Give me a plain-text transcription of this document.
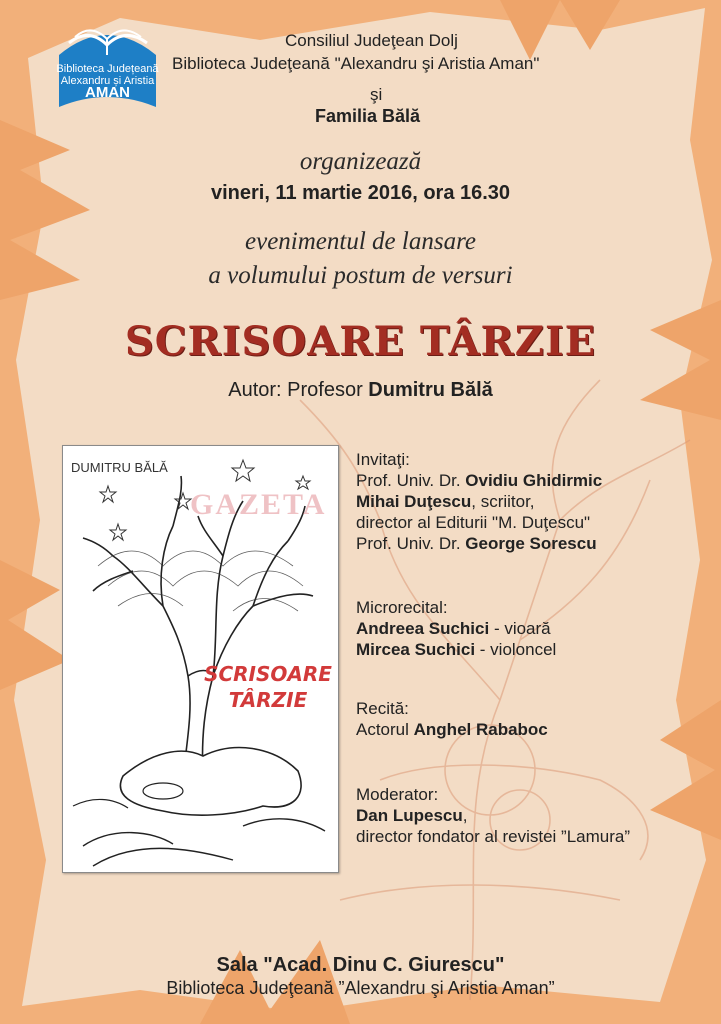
Biblioteca Județeană
Alexandru și Aristia
AMAN
Consiliul Judeţean Dolj
Biblioteca Judeţeană "Alexandru şi Aristia Aman"
şi
Familia Bălă
organizează
vineri, 11 martie 2016, ora 16.30
evenimentul de lansare
a volumului postum de versuri
SCRISOARE TÂRZIE
Autor: Profesor Dumitru Bălă
DUMITRU BĂLĂ
SCRISOARE
TÂRZIE
GAZETA
Invitaţi:
Prof. Univ. Dr. Ovidiu Ghidirmic
Mihai Duţescu, scriitor,
director al Editurii "M. Duţescu"
Prof. Univ. Dr. George Sorescu
Microrecital:
Andreea Suchici - vioară
Mircea Suchici - violoncel
Recită:
Actorul Anghel Rababoc
Moderator:
Dan Lupescu,
director fondator al revistei ”Lamura”
Sala "Acad. Dinu C. Giurescu"
Biblioteca Judeţeană ”Alexandru şi Aristia Aman”
